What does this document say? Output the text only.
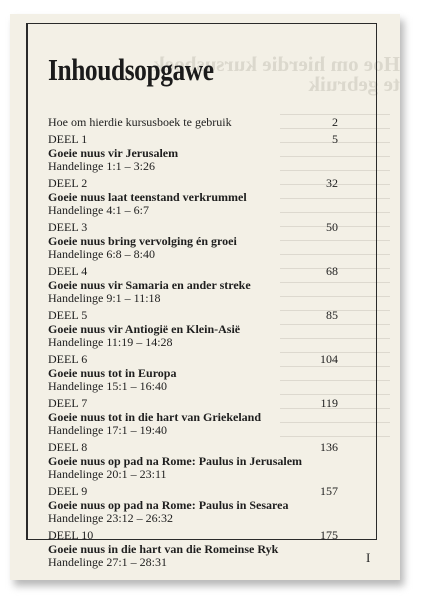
Hoe om hierdie kursusboek
te gebruik
I
Inhoudsopgawe
Hoe om hierdie kursusboek te gebruik	2
DEEL 1	5
Goeie nuus vir Jerusalem
Handelinge 1:1 – 3:26
DEEL 2	32
Goeie nuus laat teenstand verkrummel
Handelinge 4:1 – 6:7
DEEL 3	50
Goeie nuus bring vervolging én groei
Handelinge 6:8 – 8:40
DEEL 4	68
Goeie nuus vir Samaria en ander streke
Handelinge 9:1 – 11:18
DEEL 5	85
Goeie nuus vir Antiogië en Klein-Asië
Handelinge 11:19 – 14:28
DEEL 6	104
Goeie nuus tot in Europa
Handelinge 15:1 – 16:40
DEEL 7	119
Goeie nuus tot in die hart van Griekeland
Handelinge 17:1 – 19:40
DEEL 8	136
Goeie nuus op pad na Rome: Paulus in Jerusalem
Handelinge 20:1 – 23:11
DEEL 9	157
Goeie nuus op pad na Rome: Paulus in Sesarea
Handelinge 23:12 – 26:32
DEEL 10	175
Goeie nuus in die hart van die Romeinse Ryk
Handelinge 27:1 – 28:31
